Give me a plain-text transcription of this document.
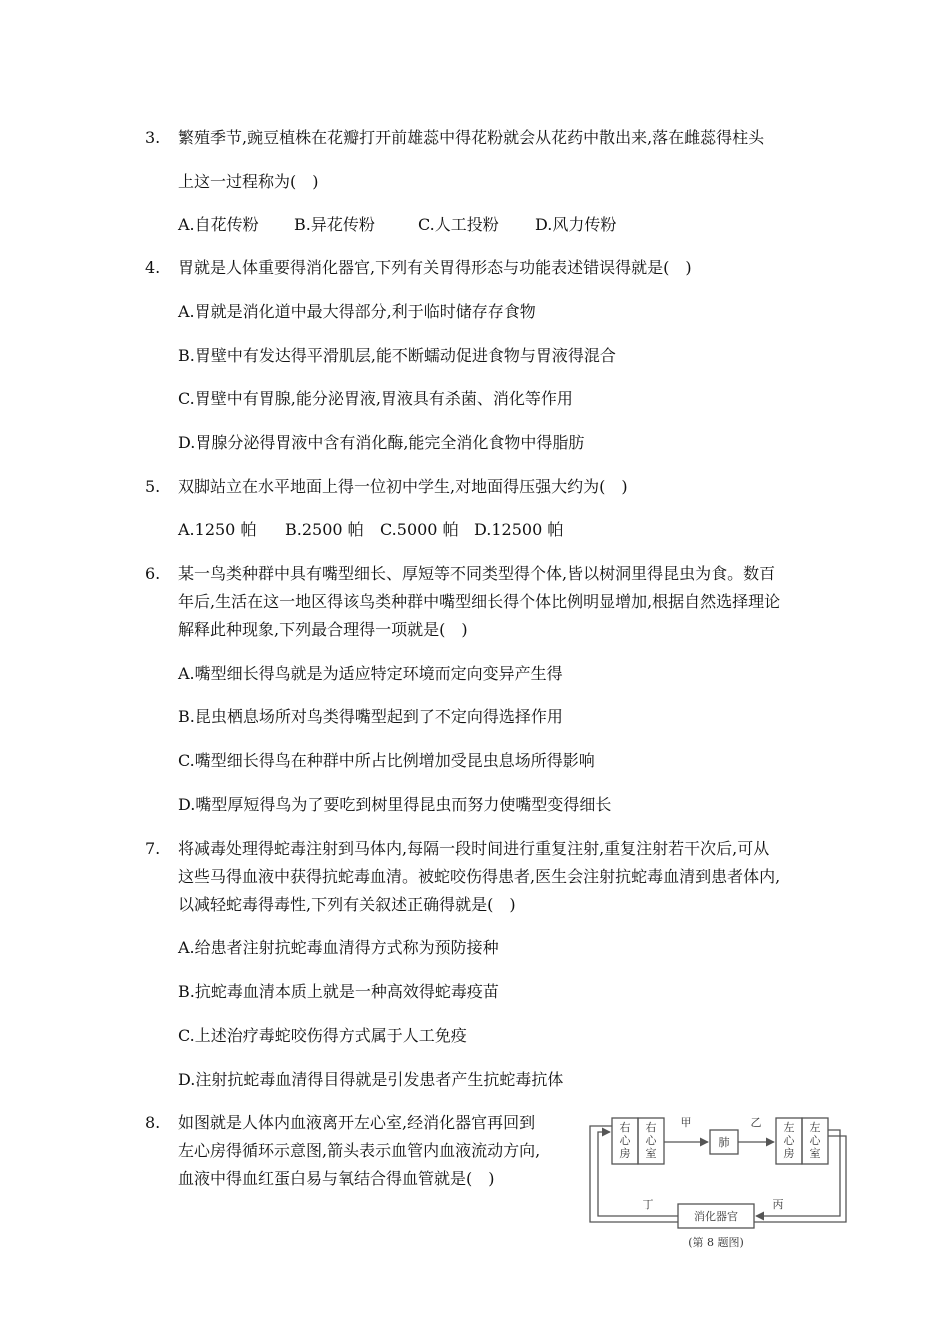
3. 繁殖季节,豌豆植株在花瓣打开前雄蕊中得花粉就会从花药中散出来,落在雌蕊得柱头
上这一过程称为(　)
A.自花传粉 B.异花传粉	C.人工投粉 D.风力传粉
4. 胃就是人体重要得消化器官,下列有关胃得形态与功能表述错误得就是(　)
A.胃就是消化道中最大得部分,利于临时储存存食物
B.胃壁中有发达得平滑肌层,能不断蠕动促进食物与胃液得混合
C.胃壁中有胃腺,能分泌胃液,胃液具有杀菌、消化等作用
D.胃腺分泌得胃液中含有消化酶,能完全消化食物中得脂肪
5. 双脚站立在水平地面上得一位初中学生,对地面得压强大约为(　)
A.1250 帕 B.2500 帕 C.5000 帕 D.12500 帕
6. 某一鸟类种群中具有嘴型细长、厚短等不同类型得个体,皆以树洞里得昆虫为食。数百
年后,生活在这一地区得该鸟类种群中嘴型细长得个体比例明显增加,根据自然选择理论
解释此种现象,下列最合理得一项就是(　)
A.嘴型细长得鸟就是为适应特定环境而定向变异产生得
B.昆虫栖息场所对鸟类得嘴型起到了不定向得选择作用
C.嘴型细长得鸟在种群中所占比例增加受昆虫息场所得影响
D.嘴型厚短得鸟为了要吃到树里得昆虫而努力使嘴型变得细长
7. 将减毒处理得蛇毒注射到马体内,每隔一段时间进行重复注射,重复注射若干次后,可从
这些马得血液中获得抗蛇毒血清。被蛇咬伤得患者,医生会注射抗蛇毒血清到患者体内,
以减轻蛇毒得毒性,下列有关叙述正确得就是(　)
A.给患者注射抗蛇毒血清得方式称为预防接种
B.抗蛇毒血清本质上就是一种高效得蛇毒疫苗
C.上述治疗毒蛇咬伤得方式属于人工免疫
D.注射抗蛇毒血清得目得就是引发患者产生抗蛇毒抗体
8. 如图就是人体内血液离开左心室,经消化器官再回到
左心房得循环示意图,箭头表示血管内血液流动方向,
血液中得血红蛋白易与氧结合得血管就是(　)
右
心
房
右
心
室
肺
左
心
房
左
心
室
消化器官
甲	乙
丙
丁
(第 8 题图)
